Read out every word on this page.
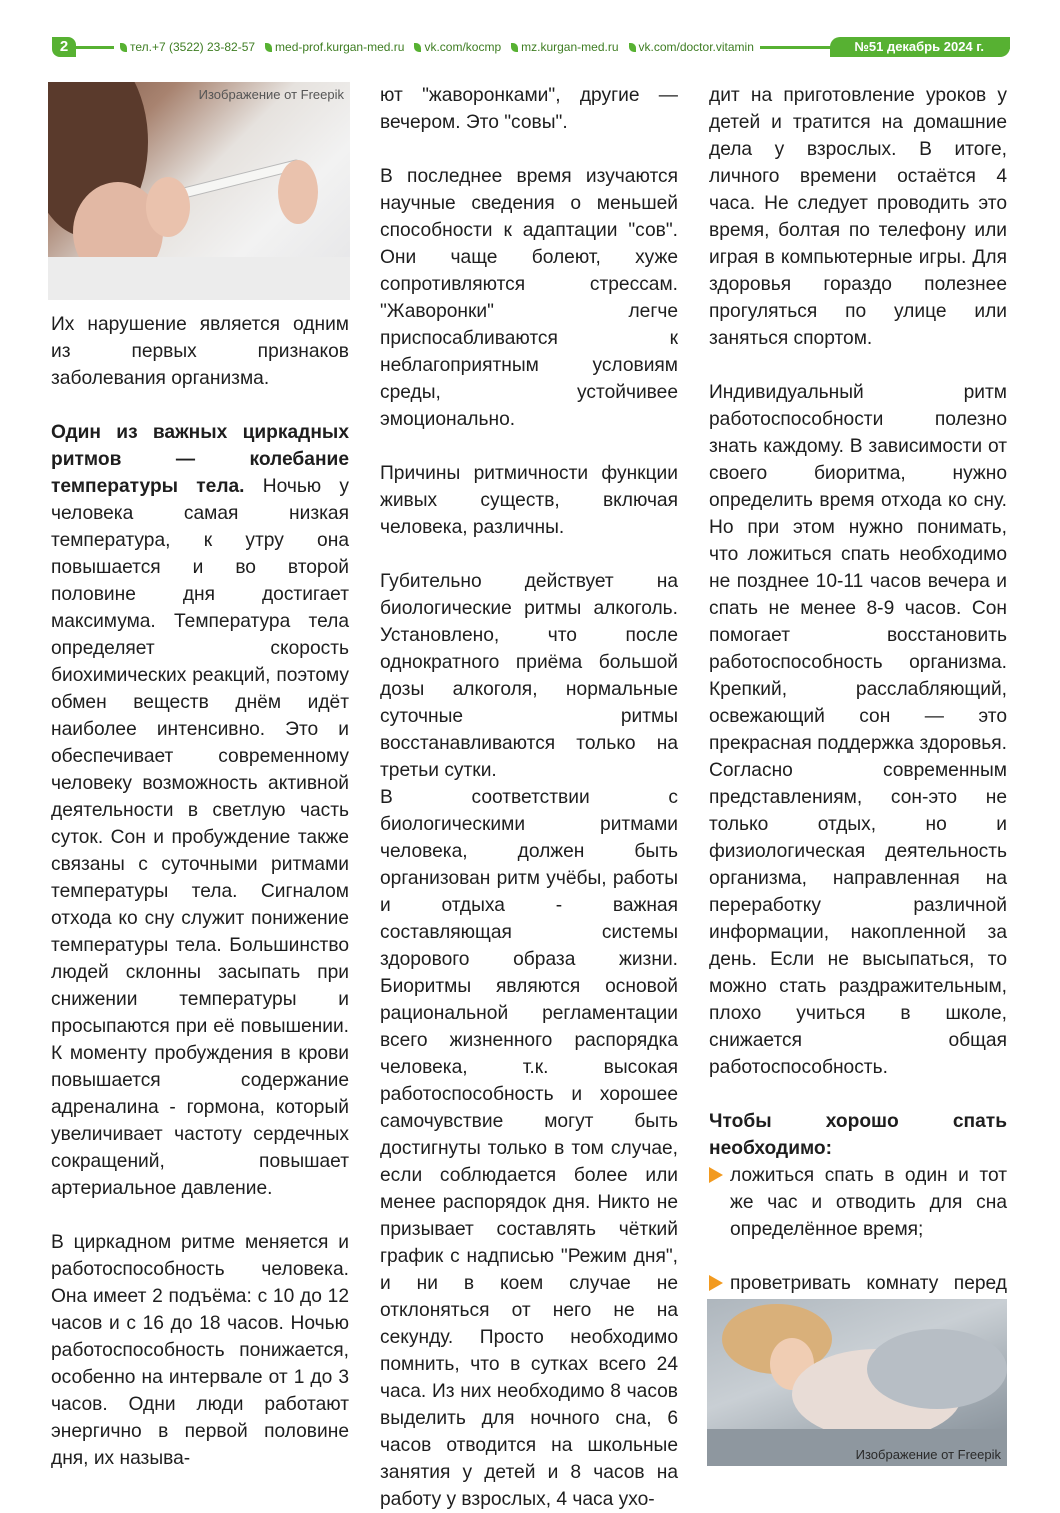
2	тел.+7 (3522) 23-82-57 med-prof.kurgan-med.ru vk.com/kocmp mz.kurgan-med.ru vk.com/doctor.vitamin	№51 декабрь 2024 г.
Изображение от Freepik

Их нарушение является одним из первых признаков заболевания организма.

Один из важных циркадных ритмов — колебание температуры тела. Ночью у человека самая низкая температура, к утру она повышается и во второй половине дня достигает максимума. Температура тела определяет скорость биохимических реакций, поэтому обмен веществ днём идёт наиболее интенсивно. Это и обеспечивает современному человеку возможность активной деятельности в светлую часть суток. Сон и пробуждение также связаны с суточными ритмами температуры тела. Сигналом отхода ко сну служит понижение температуры тела. Большинство людей склонны засыпать при снижении температуры и просыпаются при её повышении. К моменту пробуждения в крови повышается содержание адреналина - гормона, который увеличивает частоту сердечных сокращений, повышает артериальное давление.

В циркадном ритме меняется и работоспособность человека. Она имеет 2 подъёма: с 10 до 12 часов и с 16 до 18 часов. Ночью работоспособность понижается, особенно на интервале от 1 до 3 часов. Одни люди работают энергично в первой половине дня, их называ-

ют "жаворонками", другие — вечером. Это "совы".

В последнее время изучаются научные сведения о меньшей способности к адаптации "сов". Они чаще болеют, хуже сопротивляются стрессам. "Жаворонки" легче приспосабливаются к неблагоприятным условиям среды, устойчивее эмоционально.

Причины ритмичности функции живых существ, включая человека, различны.

Губительно действует на биологические ритмы алкоголь. Установлено, что после однократного приёма большой дозы алкоголя, нормальные суточные ритмы восстанавливаются только на третьи сутки.

В соответствии с биологическими ритмами человека, должен быть организован ритм учёбы, работы и отдыха - важная составляющая системы здорового образа жизни. Биоритмы являются основой рациональной регламентации всего жизненного распорядка человека, т.к. высокая работоспособность и хорошее самочувствие могут быть достигнуты только в том случае, если соблюдается более или менее распорядок дня. Никто не призывает составлять чёткий график с надписью "Режим дня", и ни в коем случае не отклоняться от него не на секунду. Просто необходимо помнить, что в сутках всего 24 часа. Из них необходимо 8 часов выделить для ночного сна, 6 часов отводится на школьные занятия у детей и 8 часов на работу у взрослых, 4 часа ухо-

дит на приготовление уроков у детей и тратится на домашние дела у взрослых. В итоге, личного времени остаётся 4 часа. Не следует проводить это время, болтая по телефону или играя в компьютерные игры. Для здоровья гораздо полезнее прогуляться по улице или заняться спортом.

Индивидуальный ритм работоспособности полезно знать каждому. В зависимости от своего биоритма, нужно определить время отхода ко сну. Но при этом нужно понимать, что ложиться спать необходимо не позднее 10-11 часов вечера и спать не менее 8-9 часов. Сон помогает восстановить работоспособность организма. Крепкий, расслабляющий, освежающий сон — это прекрасная поддержка здоровья. Согласно современным представлениям, сон-это не только отдых, но и физиологическая деятельность организма, направленная на переработку различной информации, накопленной за день. Если не высыпаться, то можно стать раздражительным, плохо учиться в школе, снижается общая работоспособность.

Чтобы хорошо спать необходимо:

ложиться спать в один и тот же час и отводить для сна определённое время;

проветривать комнату перед

Изображение от Freepik
